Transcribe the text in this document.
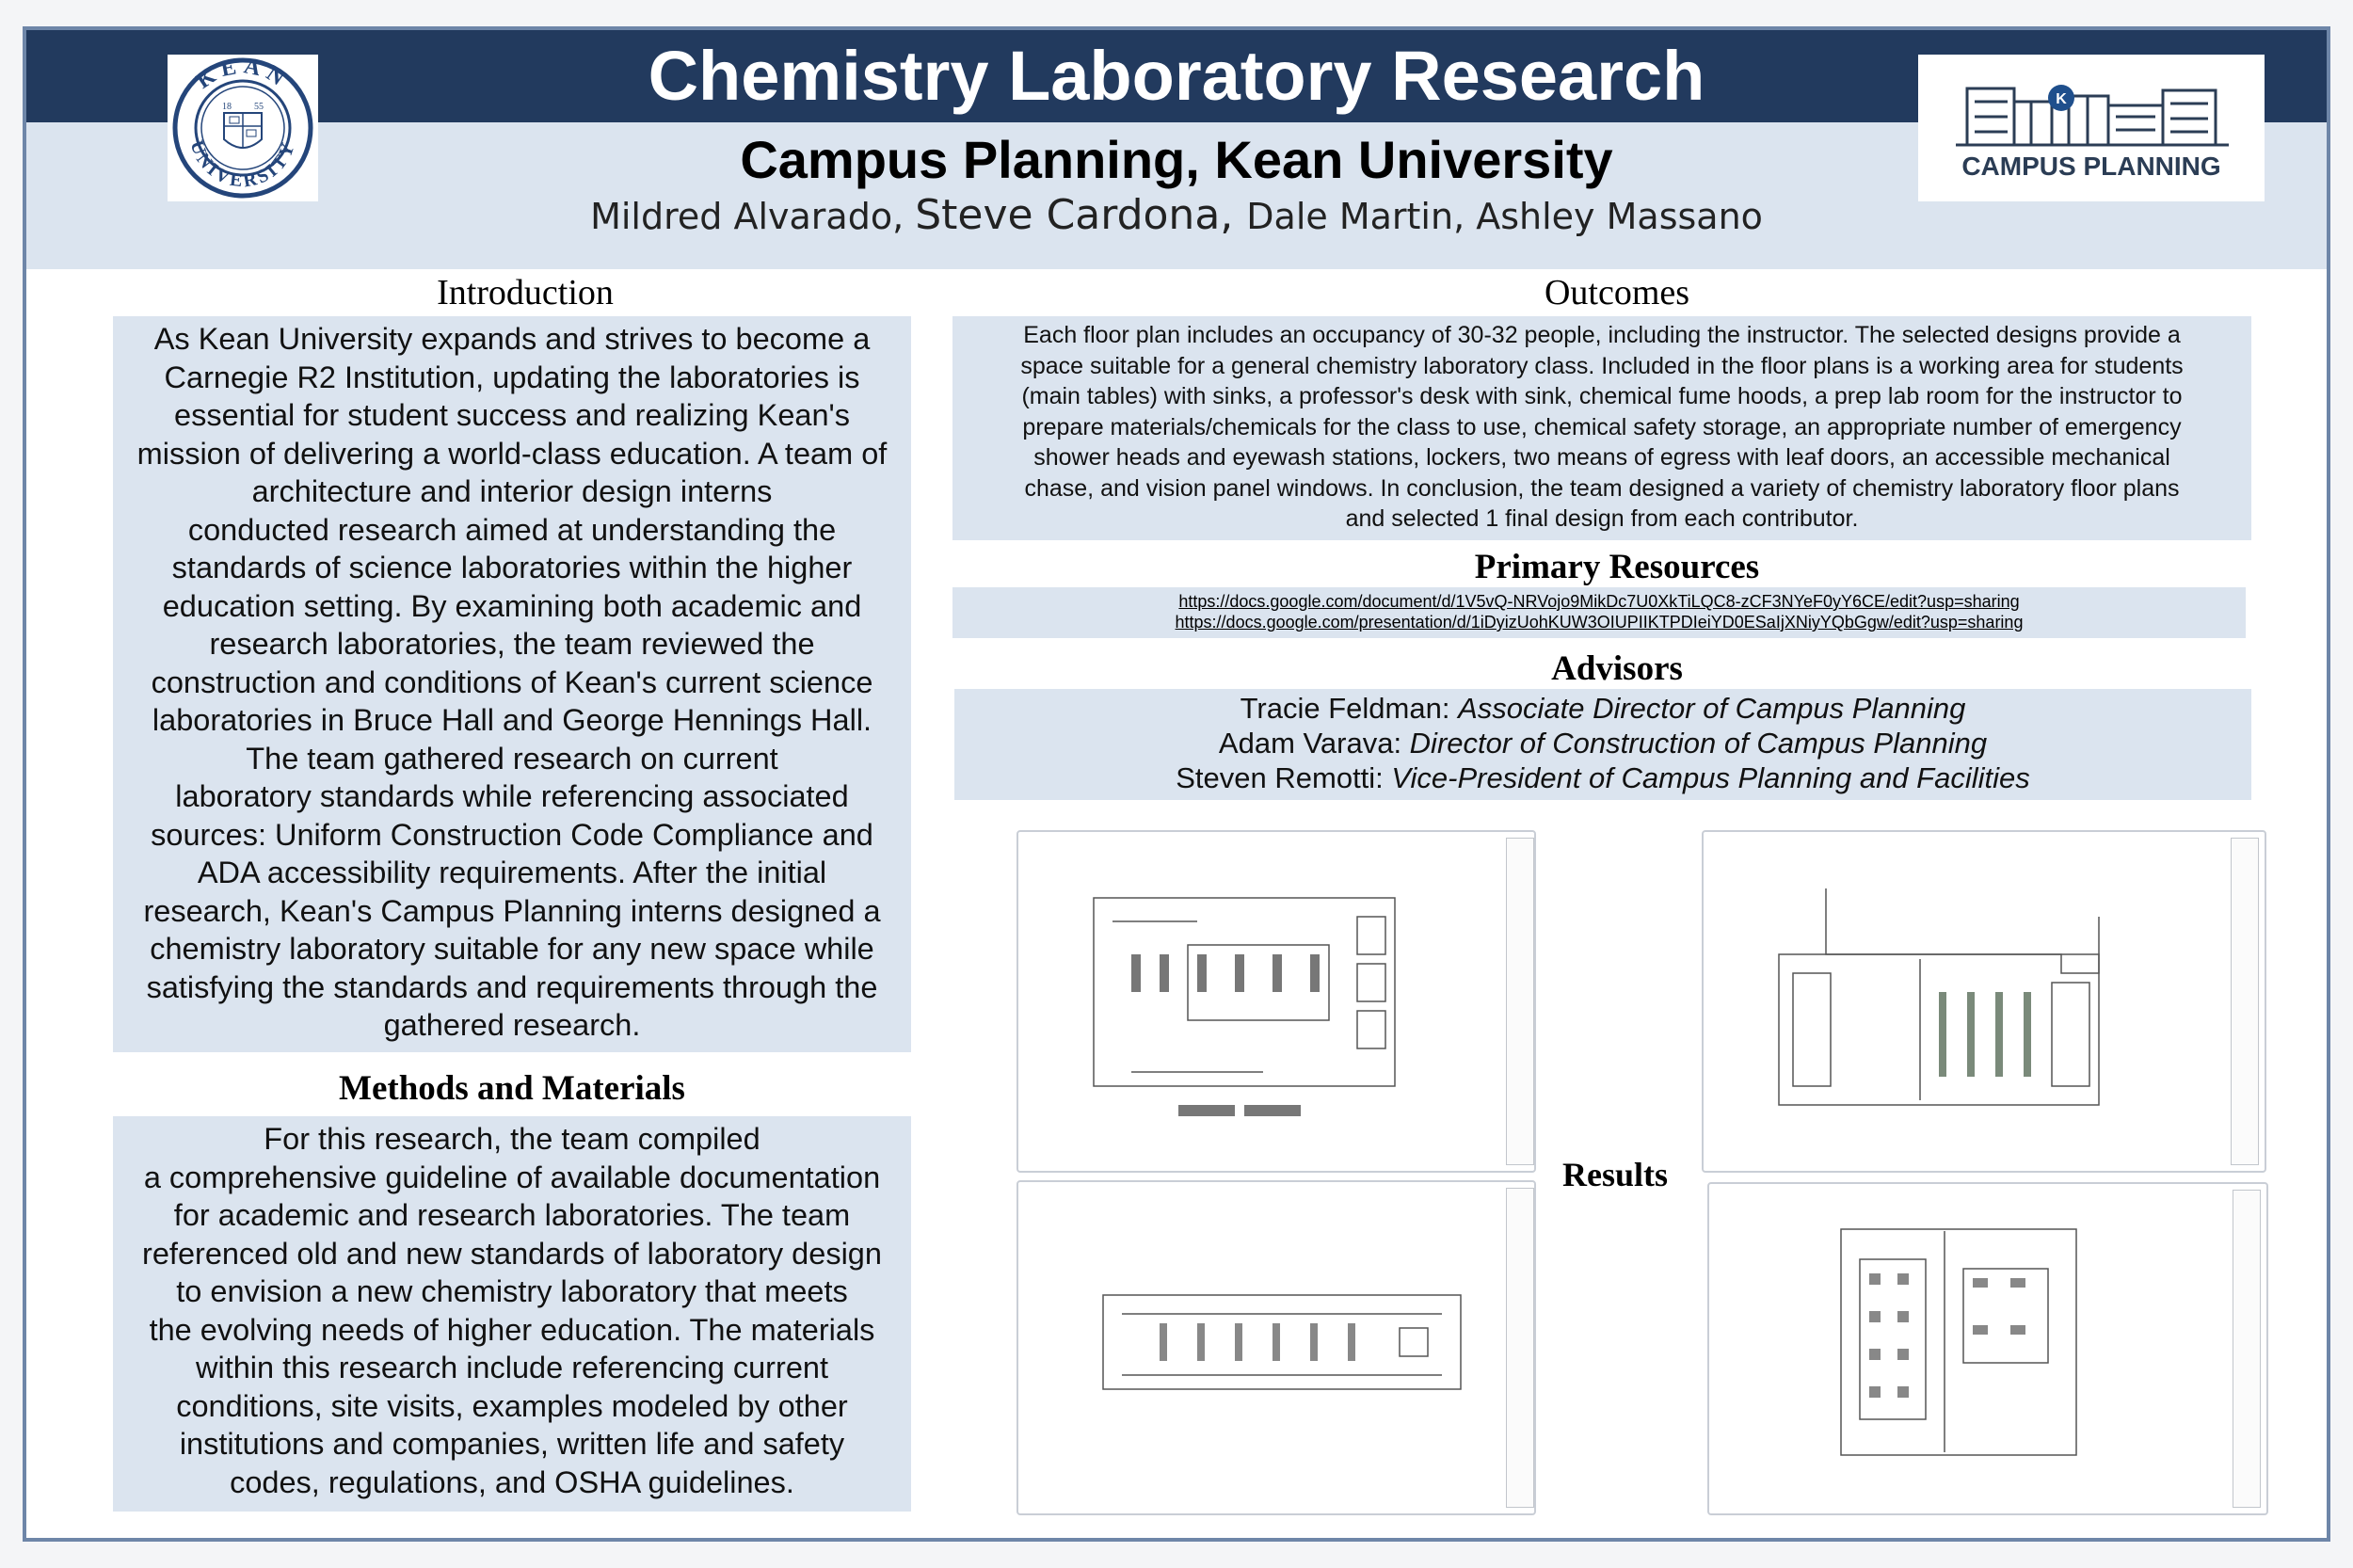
KEAN
UNIVERSITY
18 55	K
CAMPUS PLANNING
Chemistry Laboratory Research
Campus Planning, Kean University
Mildred Alvarado, Steve Cardona, Dale Martin, Ashley Massano
Introduction
As Kean University expands and strives to become a
Carnegie R2 Institution, updating the laboratories is
essential for student success and realizing Kean's
mission of delivering a world-class education. A team of
architecture and interior design interns
conducted research aimed at understanding the
standards of science laboratories within the higher
education setting. By examining both academic and
research laboratories, the team reviewed the
construction and conditions of Kean's current science
laboratories in Bruce Hall and George Hennings Hall.
The team gathered research on current
laboratory standards while referencing associated
sources: Uniform Construction Code Compliance and
ADA accessibility requirements. After the initial
research, Kean's Campus Planning interns designed a
chemistry laboratory suitable for any new space while
satisfying the standards and requirements through the
gathered research.
Methods and Materials
For this research, the team compiled
a comprehensive guideline of available documentation
for academic and research laboratories. The team
referenced old and new standards of laboratory design
to envision a new chemistry laboratory that meets
the evolving needs of higher education. The materials
within this research include referencing current
conditions, site visits, examples modeled by other
institutions and companies, written life and safety
codes, regulations, and OSHA guidelines.
Outcomes
Each floor plan includes an occupancy of 30-32 people, including the instructor. The selected designs provide a
space suitable for a general chemistry laboratory class. Included in the floor plans is a working area for students
(main tables) with sinks, a professor's desk with sink, chemical fume hoods, a prep lab room for the instructor to
prepare materials/chemicals for the class to use, chemical safety storage, an appropriate number of emergency
shower heads and eyewash stations, lockers, two means of egress with leaf doors, an accessible mechanical
chase, and vision panel windows. In conclusion, the team designed a variety of chemistry laboratory floor plans
and selected 1 final design from each contributor.
Primary Resources
https://docs.google.com/document/d/1V5vQ-NRVojo9MikDc7U0XkTiLQC8-zCF3NYeF0yY6CE/edit?usp=sharing
https://docs.google.com/presentation/d/1iDyizUohKUW3OIUPIIKTPDIeiYD0ESaIjXNiyYQbGgw/edit?usp=sharing
Advisors
Tracie Feldman: Associate Director of Campus Planning
Adam Varava: Director of Construction of Campus Planning
Steven Remotti: Vice-President of Campus Planning and Facilities
Results
